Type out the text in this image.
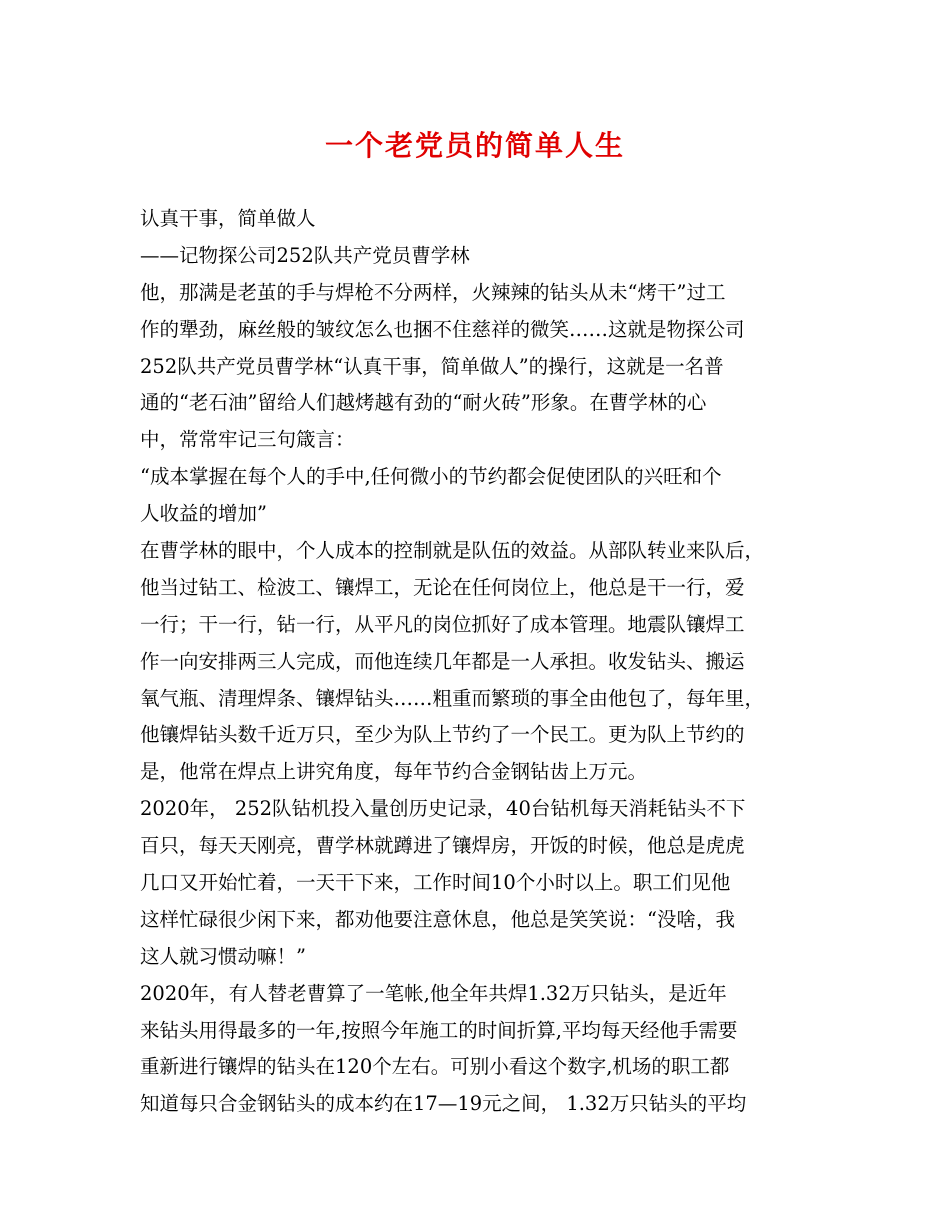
一个老党员的简单人生
认真干事，简单做人
——记物探公司252队共产党员曹学林
他，那满是老茧的手与焊枪不分两样，火辣辣的钻头从未“烤干”过工
作的犟劲，麻丝般的皱纹怎么也捆不住慈祥的微笑……这就是物探公司
252队共产党员曹学林“认真干事，简单做人”的操行，这就是一名普
通的“老石油”留给人们越烤越有劲的“耐火砖”形象。在曹学林的心
中，常常牢记三句箴言：
“成本掌握在每个人的手中,任何微小的节约都会促使团队的兴旺和个
人收益的增加”
在曹学林的眼中，个人成本的控制就是队伍的效益。从部队转业来队后，
他当过钻工、检波工、镶焊工，无论在任何岗位上，他总是干一行，爱
一行；干一行，钻一行，从平凡的岗位抓好了成本管理。地震队镶焊工
作一向安排两三人完成，而他连续几年都是一人承担。收发钻头、搬运
氧气瓶、清理焊条、镶焊钻头……粗重而繁琐的事全由他包了，每年里，
他镶焊钻头数千近万只，至少为队上节约了一个民工。更为队上节约的
是，他常在焊点上讲究角度，每年节约合金钢钻齿上万元。
2020年， 252队钻机投入量创历史记录，40台钻机每天消耗钻头不下
百只，每天天刚亮，曹学林就蹲进了镶焊房，开饭的时候，他总是虎虎
几口又开始忙着，一天干下来，工作时间10个小时以上。职工们见他
这样忙碌很少闲下来，都劝他要注意休息，他总是笑笑说：“没啥，我
这人就习惯动嘛！”
2020年，有人替老曹算了一笔帐,他全年共焊1.32万只钻头，是近年
来钻头用得最多的一年,按照今年施工的时间折算,平均每天经他手需要
重新进行镶焊的钻头在120个左右。可别小看这个数字,机场的职工都
知道每只合金钢钻头的成本约在17—19元之间， 1.32万只钻头的平均
